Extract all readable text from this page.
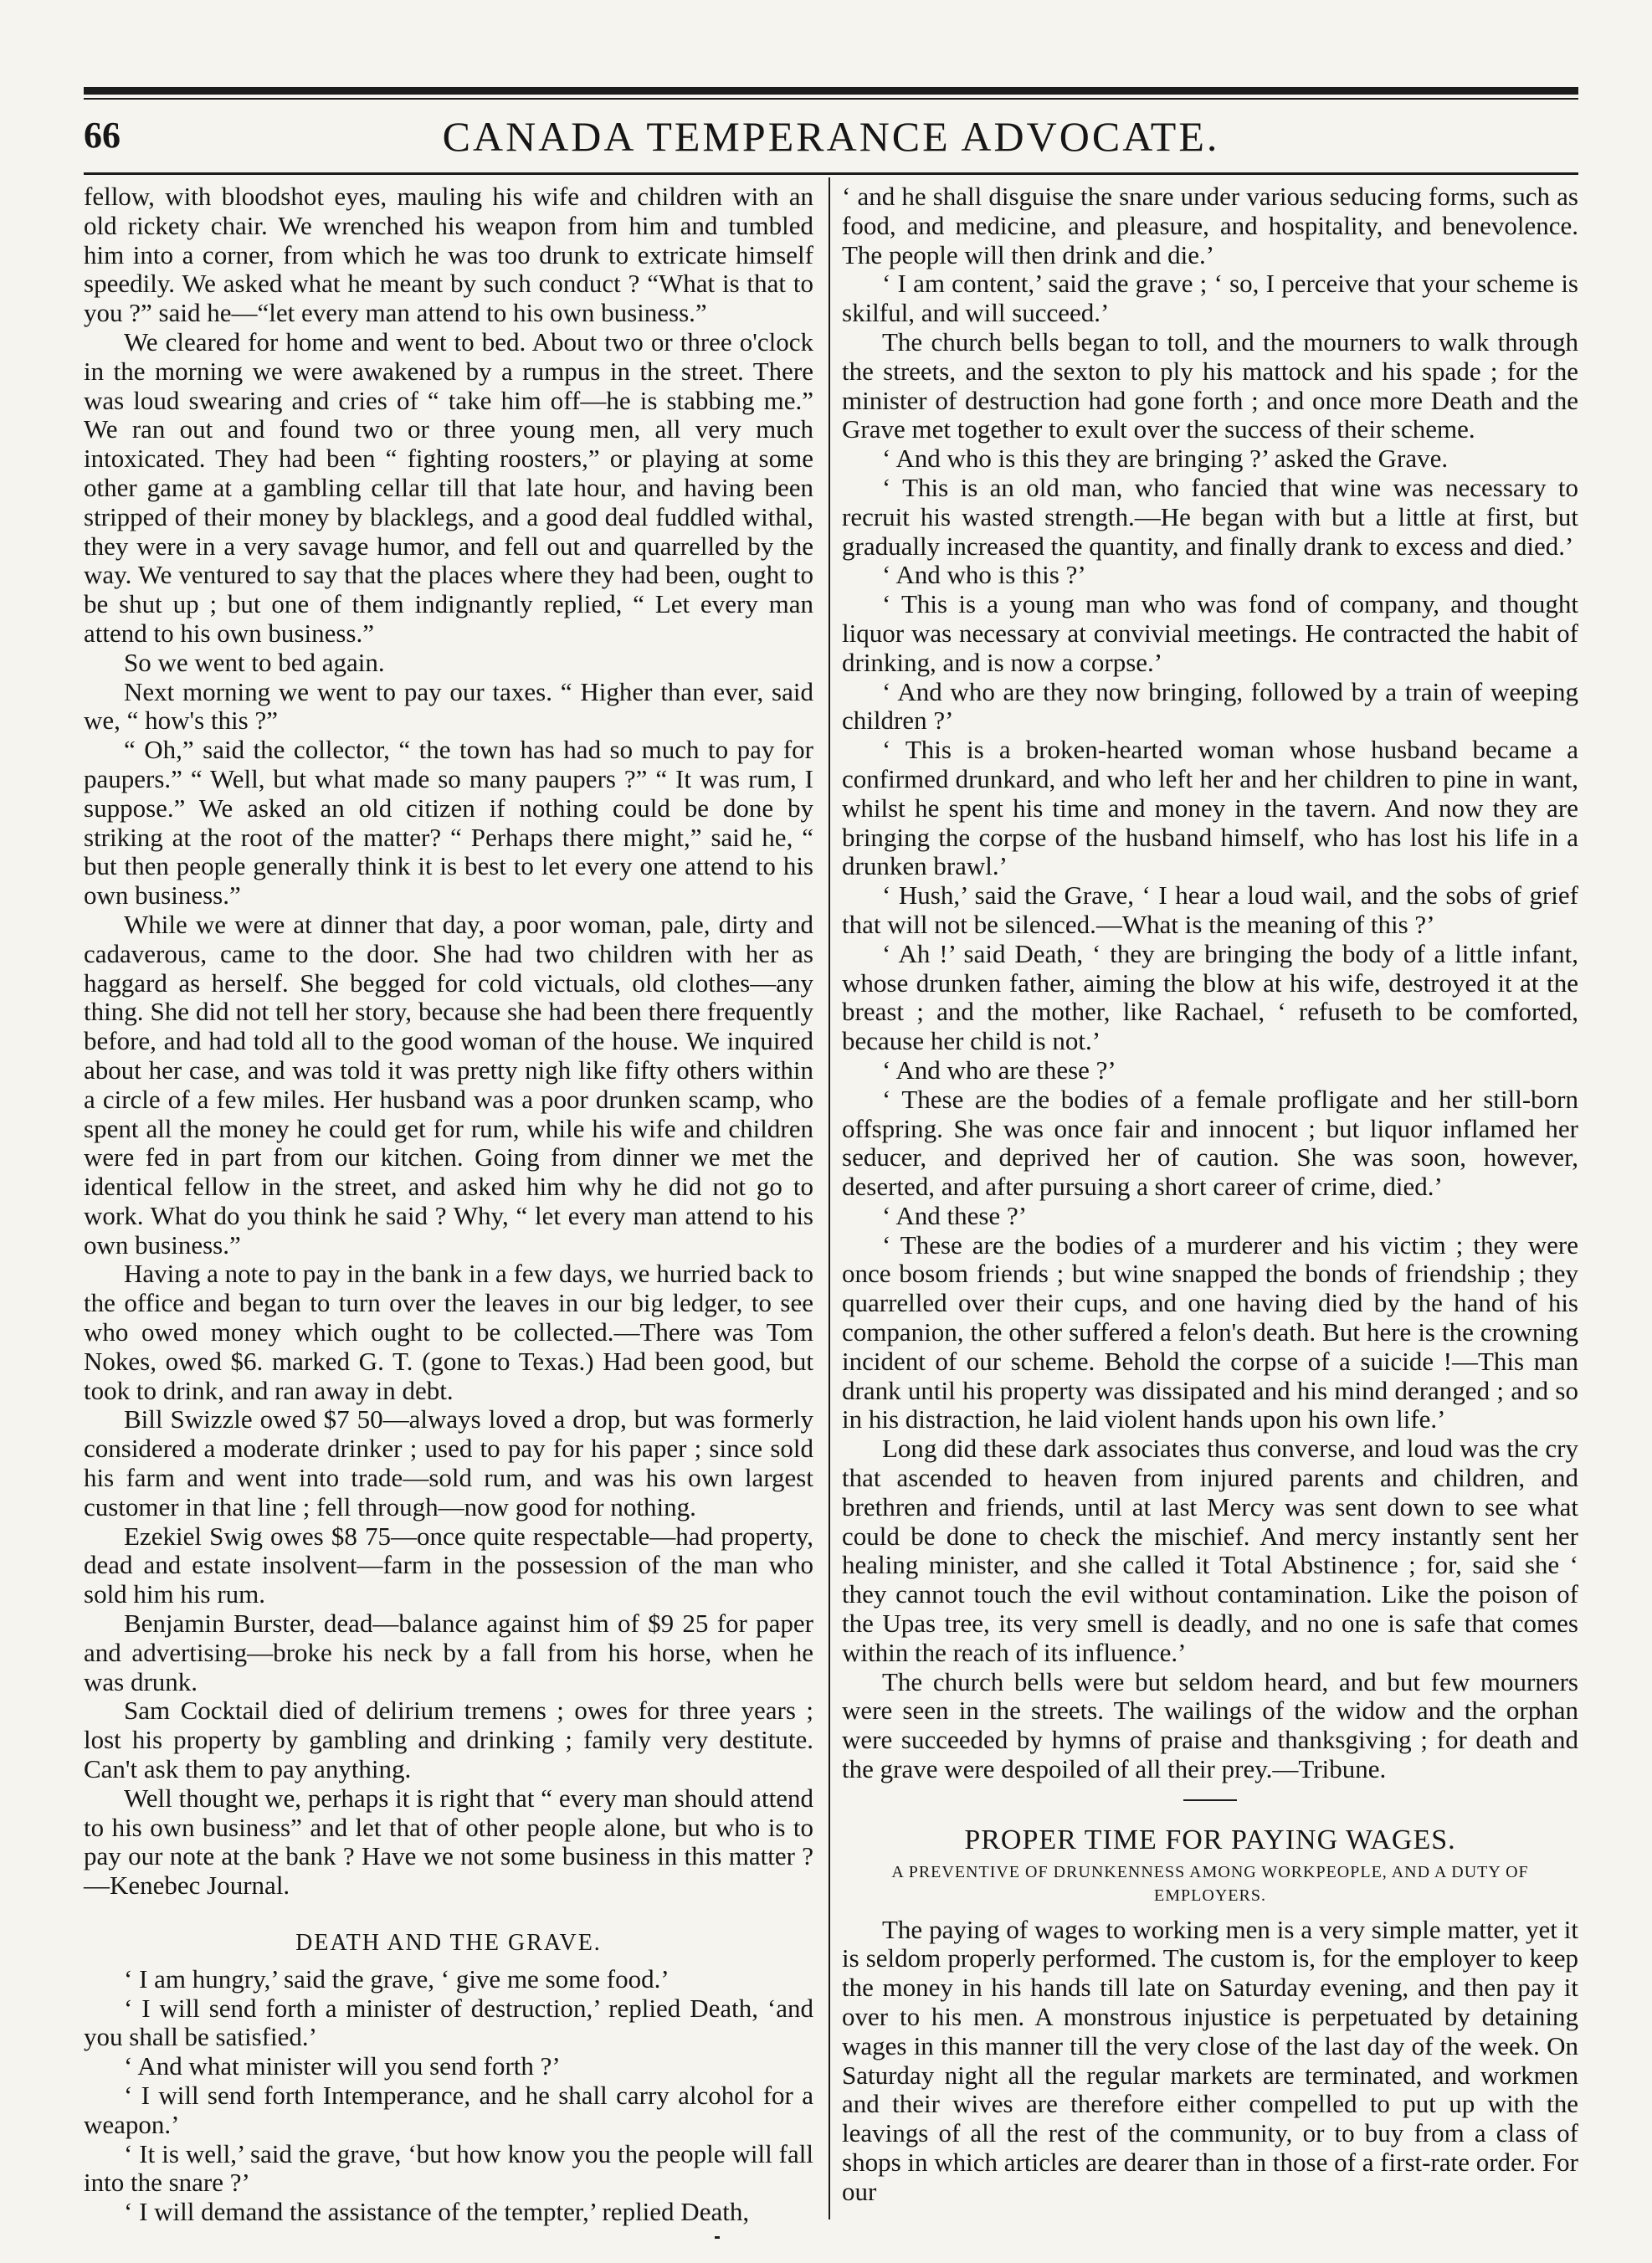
66	CANADA TEMPERANCE ADVOCATE.

fellow, with bloodshot eyes, mauling his wife and children with an old rickety chair. We wrenched his weapon from him and tumbled him into a corner, from which he was too drunk to extricate himself speedily. We asked what he meant by such conduct ? “What is that to you ?” said he—“let every man attend to his own business.”

We cleared for home and went to bed. About two or three o'clock in the morning we were awakened by a rumpus in the street. There was loud swearing and cries of “ take him off—he is stabbing me.” We ran out and found two or three young men, all very much intoxicated. They had been “ fighting roosters,” or playing at some other game at a gambling cellar till that late hour, and having been stripped of their money by blacklegs, and a good deal fuddled withal, they were in a very savage humor, and fell out and quarrelled by the way. We ventured to say that the places where they had been, ought to be shut up ; but one of them indignantly replied, “ Let every man attend to his own business.”

So we went to bed again.

Next morning we went to pay our taxes. “ Higher than ever, said we, “ how's this ?”

“ Oh,” said the collector, “ the town has had so much to pay for paupers.” “ Well, but what made so many paupers ?” “ It was rum, I suppose.” We asked an old citizen if nothing could be done by striking at the root of the matter? “ Perhaps there might,” said he, “ but then people generally think it is best to let every one attend to his own business.”

While we were at dinner that day, a poor woman, pale, dirty and cadaverous, came to the door. She had two children with her as haggard as herself. She begged for cold victuals, old clothes—any thing. She did not tell her story, because she had been there frequently before, and had told all to the good woman of the house. We inquired about her case, and was told it was pretty nigh like fifty others within a circle of a few miles. Her husband was a poor drunken scamp, who spent all the money he could get for rum, while his wife and children were fed in part from our kitchen. Going from dinner we met the identical fellow in the street, and asked him why he did not go to work. What do you think he said ? Why, “ let every man attend to his own business.”

Having a note to pay in the bank in a few days, we hurried back to the office and began to turn over the leaves in our big ledger, to see who owed money which ought to be collected.—There was Tom Nokes, owed $6. marked G. T. (gone to Texas.) Had been good, but took to drink, and ran away in debt.

Bill Swizzle owed $7 50—always loved a drop, but was formerly considered a moderate drinker ; used to pay for his paper ; since sold his farm and went into trade—sold rum, and was his own largest customer in that line ; fell through—now good for nothing.

Ezekiel Swig owes $8 75—once quite respectable—had property, dead and estate insolvent—farm in the possession of the man who sold him his rum.

Benjamin Burster, dead—balance against him of $9 25 for paper and advertising—broke his neck by a fall from his horse, when he was drunk.

Sam Cocktail died of delirium tremens ; owes for three years ; lost his property by gambling and drinking ; family very destitute. Can't ask them to pay anything.

Well thought we, perhaps it is right that “ every man should attend to his own business” and let that of other people alone, but who is to pay our note at the bank ? Have we not some business in this matter ?—Kenebec Journal.

DEATH AND THE GRAVE.

‘ I am hungry,’ said the grave, ‘ give me some food.’

‘ I will send forth a minister of destruction,’ replied Death, ‘and you shall be satisfied.’

‘ And what minister will you send forth ?’

‘ I will send forth Intemperance, and he shall carry alcohol for a weapon.’

‘ It is well,’ said the grave, ‘but how know you the people will fall into the snare ?’

‘ I will demand the assistance of the tempter,’ replied Death,

‘ and he shall disguise the snare under various seducing forms, such as food, and medicine, and pleasure, and hospitality, and benevolence. The people will then drink and die.’

‘ I am content,’ said the grave ; ‘ so, I perceive that your scheme is skilful, and will succeed.’

The church bells began to toll, and the mourners to walk through the streets, and the sexton to ply his mattock and his spade ; for the minister of destruction had gone forth ; and once more Death and the Grave met together to exult over the success of their scheme.

‘ And who is this they are bringing ?’ asked the Grave.

‘ This is an old man, who fancied that wine was necessary to recruit his wasted strength.—He began with but a little at first, but gradually increased the quantity, and finally drank to excess and died.’

‘ And who is this ?’

‘ This is a young man who was fond of company, and thought liquor was necessary at convivial meetings. He contracted the habit of drinking, and is now a corpse.’

‘ And who are they now bringing, followed by a train of weeping children ?’

‘ This is a broken-hearted woman whose husband became a confirmed drunkard, and who left her and her children to pine in want, whilst he spent his time and money in the tavern. And now they are bringing the corpse of the husband himself, who has lost his life in a drunken brawl.’

‘ Hush,’ said the Grave, ‘ I hear a loud wail, and the sobs of grief that will not be silenced.—What is the meaning of this ?’

‘ Ah !’ said Death, ‘ they are bringing the body of a little infant, whose drunken father, aiming the blow at his wife, destroyed it at the breast ; and the mother, like Rachael, ‘ refuseth to be comforted, because her child is not.’

‘ And who are these ?’

‘ These are the bodies of a female profligate and her still-born offspring. She was once fair and innocent ; but liquor inflamed her seducer, and deprived her of caution. She was soon, however, deserted, and after pursuing a short career of crime, died.’

‘ And these ?’

‘ These are the bodies of a murderer and his victim ; they were once bosom friends ; but wine snapped the bonds of friendship ; they quarrelled over their cups, and one having died by the hand of his companion, the other suffered a felon's death. But here is the crowning incident of our scheme. Behold the corpse of a suicide !—This man drank until his property was dissipated and his mind deranged ; and so in his distraction, he laid violent hands upon his own life.’

Long did these dark associates thus converse, and loud was the cry that ascended to heaven from injured parents and children, and brethren and friends, until at last Mercy was sent down to see what could be done to check the mischief. And mercy instantly sent her healing minister, and she called it Total Abstinence ; for, said she ‘ they cannot touch the evil without contamination. Like the poison of the Upas tree, its very smell is deadly, and no one is safe that comes within the reach of its influence.’

The church bells were but seldom heard, and but few mourners were seen in the streets. The wailings of the widow and the orphan were succeeded by hymns of praise and thanksgiving ; for death and the grave were despoiled of all their prey.—Tribune.

PROPER TIME FOR PAYING WAGES.
A PREVENTIVE OF DRUNKENNESS AMONG WORKPEOPLE, AND A DUTY OF EMPLOYERS.

The paying of wages to working men is a very simple matter, yet it is seldom properly performed. The custom is, for the employer to keep the money in his hands till late on Saturday evening, and then pay it over to his men. A monstrous injustice is perpetuated by detaining wages in this manner till the very close of the last day of the week. On Saturday night all the regular markets are terminated, and workmen and their wives are therefore either compelled to put up with the leavings of all the rest of the community, or to buy from a class of shops in which articles are dearer than in those of a first-rate order. For our
